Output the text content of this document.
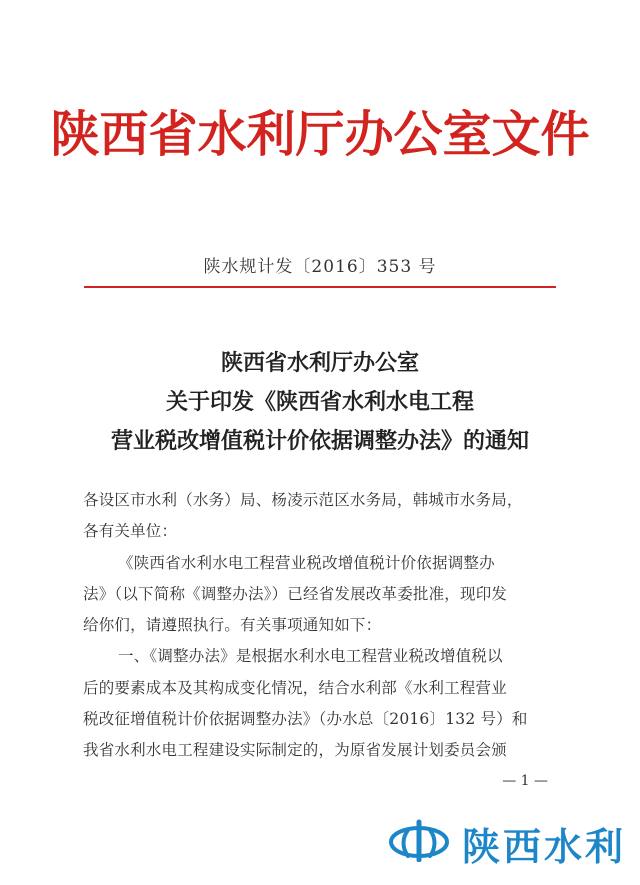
陕西省水利厅办公室文件
陕水规计发〔2016〕353 号
陕西省水利厅办公室
关于印发《陕西省水利水电工程
营业税改增值税计价依据调整办法》的通知
各设区市水利（水务）局、杨凌示范区水务局，韩城市水务局，
各有关单位：
《陕西省水利水电工程营业税改增值税计价依据调整办
法》（以下简称《调整办法》）已经省发展改革委批准，现印发
给你们，请遵照执行。有关事项通知如下：
一、《调整办法》是根据水利水电工程营业税改增值税以
后的要素成本及其构成变化情况，结合水利部《水利工程营业
税改征增值税计价依据调整办法》（办水总〔2016〕132 号）和
我省水利水电工程建设实际制定的，为原省发展计划委员会颁
— 1 —
陕西水利
